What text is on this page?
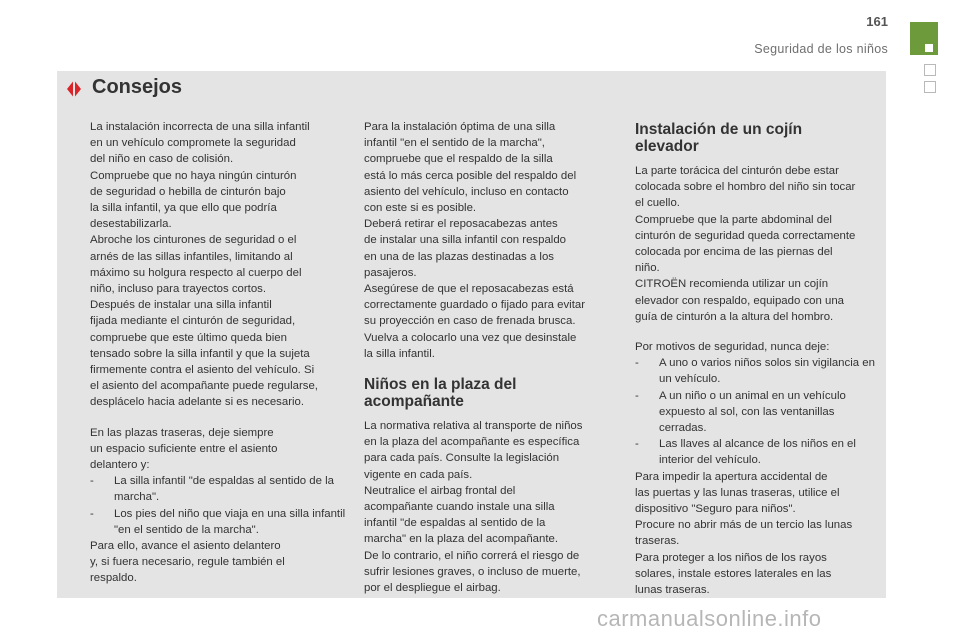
161
Seguridad de los niños
Consejos

La instalación incorrecta de una silla infantil

en un vehículo compromete la seguridad

del niño en caso de colisión.

Compruebe que no haya ningún cinturón

de seguridad o hebilla de cinturón bajo

la silla infantil, ya que ello que podría

desestabilizarla.

Abroche los cinturones de seguridad o el

arnés de las sillas infantiles, limitando al

máximo su holgura respecto al cuerpo del

niño, incluso para trayectos cortos.

Después de instalar una silla infantil

fijada mediante el cinturón de seguridad,

compruebe que este último queda bien

tensado sobre la silla infantil y que la sujeta

firmemente contra el asiento del vehículo. Si

el asiento del acompañante puede regularse,

desplácelo hacia adelante si es necesario.

En las plazas traseras, deje siempre

un espacio suficiente entre el asiento

delantero y:

-	La silla infantil "de espaldas al sentido de la marcha".
-	Los pies del niño que viaja en una silla infantil "en el sentido de la marcha".

Para ello, avance el asiento delantero

y, si fuera necesario, regule también el

respaldo.

Para la instalación óptima de una silla

infantil "en el sentido de la marcha",

compruebe que el respaldo de la silla

está lo más cerca posible del respaldo del

asiento del vehículo, incluso en contacto

con este si es posible.

Deberá retirar el reposacabezas antes

de instalar una silla infantil con respaldo

en una de las plazas destinadas a los

pasajeros.

Asegúrese de que el reposacabezas está

correctamente guardado o fijado para evitar

su proyección en caso de frenada brusca.

Vuelva a colocarlo una vez que desinstale

la silla infantil.

Niños en la plaza del
acompañante

La normativa relativa al transporte de niños

en la plaza del acompañante es específica

para cada país. Consulte la legislación

vigente en cada país.

Neutralice el airbag frontal del

acompañante cuando instale una silla

infantil "de espaldas al sentido de la

marcha" en la plaza del acompañante.

De lo contrario, el niño correrá el riesgo de

sufrir lesiones graves, o incluso de muerte,

por el despliegue el airbag.

Instalación de un cojín
elevador

La parte torácica del cinturón debe estar

colocada sobre el hombro del niño sin tocar

el cuello.

Compruebe que la parte abdominal del

cinturón de seguridad queda correctamente

colocada por encima de las piernas del

niño.

CITROËN recomienda utilizar un cojín

elevador con respaldo, equipado con una

guía de cinturón a la altura del hombro.

Por motivos de seguridad, nunca deje:

-	A uno o varios niños solos sin vigilancia en un vehículo.
-	A un niño o un animal en un vehículo expuesto al sol, con las ventanillas cerradas.
-	Las llaves al alcance de los niños en el interior del vehículo.

Para impedir la apertura accidental de

las puertas y las lunas traseras, utilice el

dispositivo "Seguro para niños".

Procure no abrir más de un tercio las lunas

traseras.

Para proteger a los niños de los rayos

solares, instale estores laterales en las

lunas traseras.

carmanualsonline.info
